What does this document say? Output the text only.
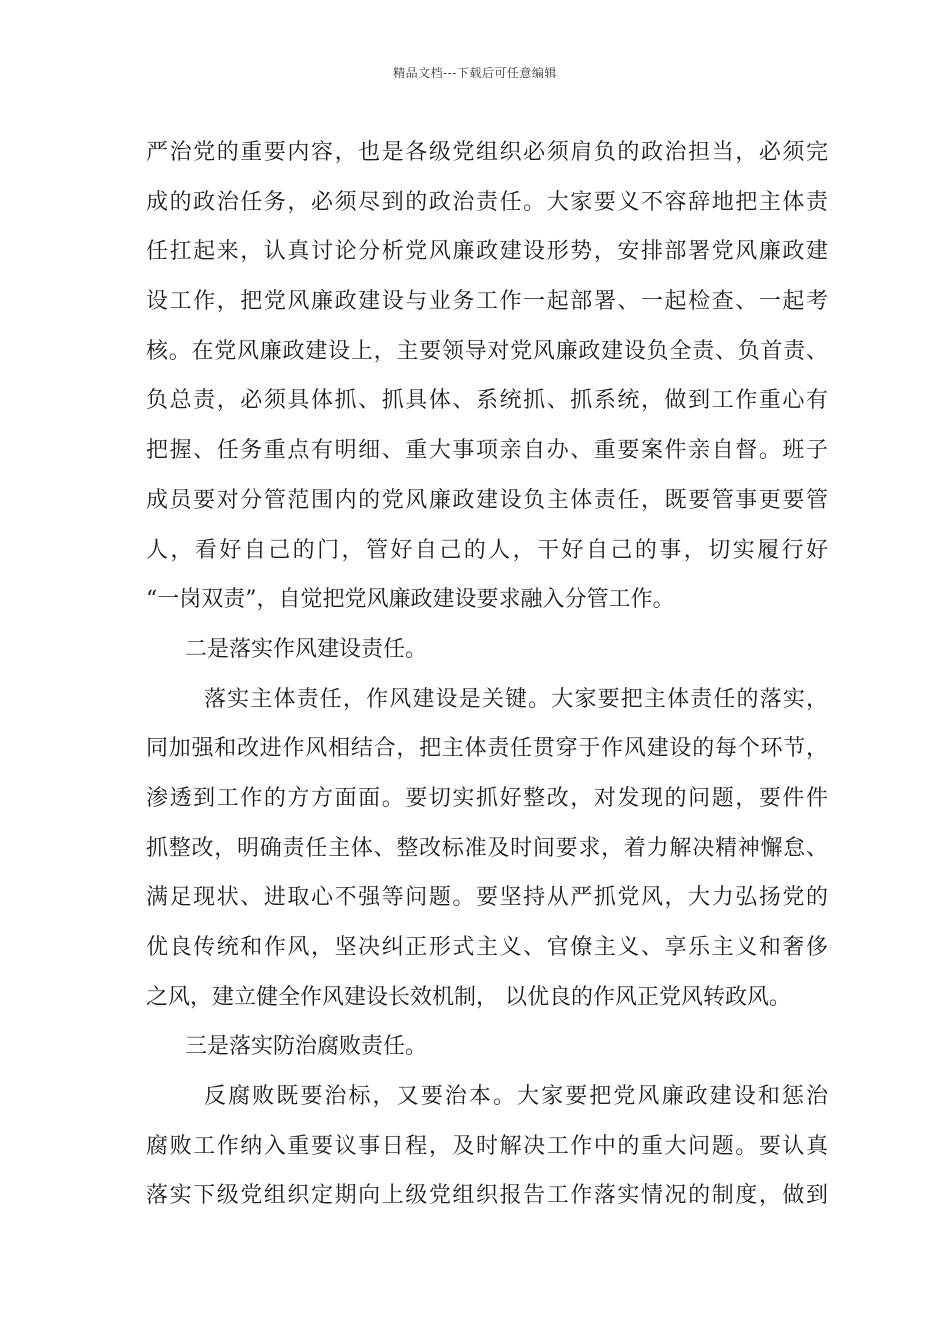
精品文档---下载后可任意编辑
严治党的重要内容，也是各级党组织必须肩负的政治担当，必须完
成的政治任务，必须尽到的政治责任。大家要义不容辞地把主体责
任扛起来，认真讨论分析党风廉政建设形势，安排部署党风廉政建
设工作，把党风廉政建设与业务工作一起部署、一起检查、一起考
核。在党风廉政建设上，主要领导对党风廉政建设负全责、负首责、
负总责，必须具体抓、抓具体、系统抓、抓系统，做到工作重心有
把握、任务重点有明细、重大事项亲自办、重要案件亲自督。班子
成员要对分管范围内的党风廉政建设负主体责任，既要管事更要管
人，看好自己的门，管好自己的人，干好自己的事，切实履行好
“一岗双责”，自觉把党风廉政建设要求融入分管工作。
二是落实作风建设责任。
落实主体责任，作风建设是关键。大家要把主体责任的落实，
同加强和改进作风相结合，把主体责任贯穿于作风建设的每个环节，
渗透到工作的方方面面。要切实抓好整改，对发现的问题，要件件
抓整改，明确责任主体、整改标准及时间要求，着力解决精神懈怠、
满足现状、进取心不强等问题。要坚持从严抓党风，大力弘扬党的
优良传统和作风，坚决纠正形式主义、官僚主义、享乐主义和奢侈
之风，建立健全作风建设长效机制， 以优良的作风正党风转政风。
三是落实防治腐败责任。
反腐败既要治标，又要治本。大家要把党风廉政建设和惩治
腐败工作纳入重要议事日程，及时解决工作中的重大问题。要认真
落实下级党组织定期向上级党组织报告工作落实情况的制度，做到
